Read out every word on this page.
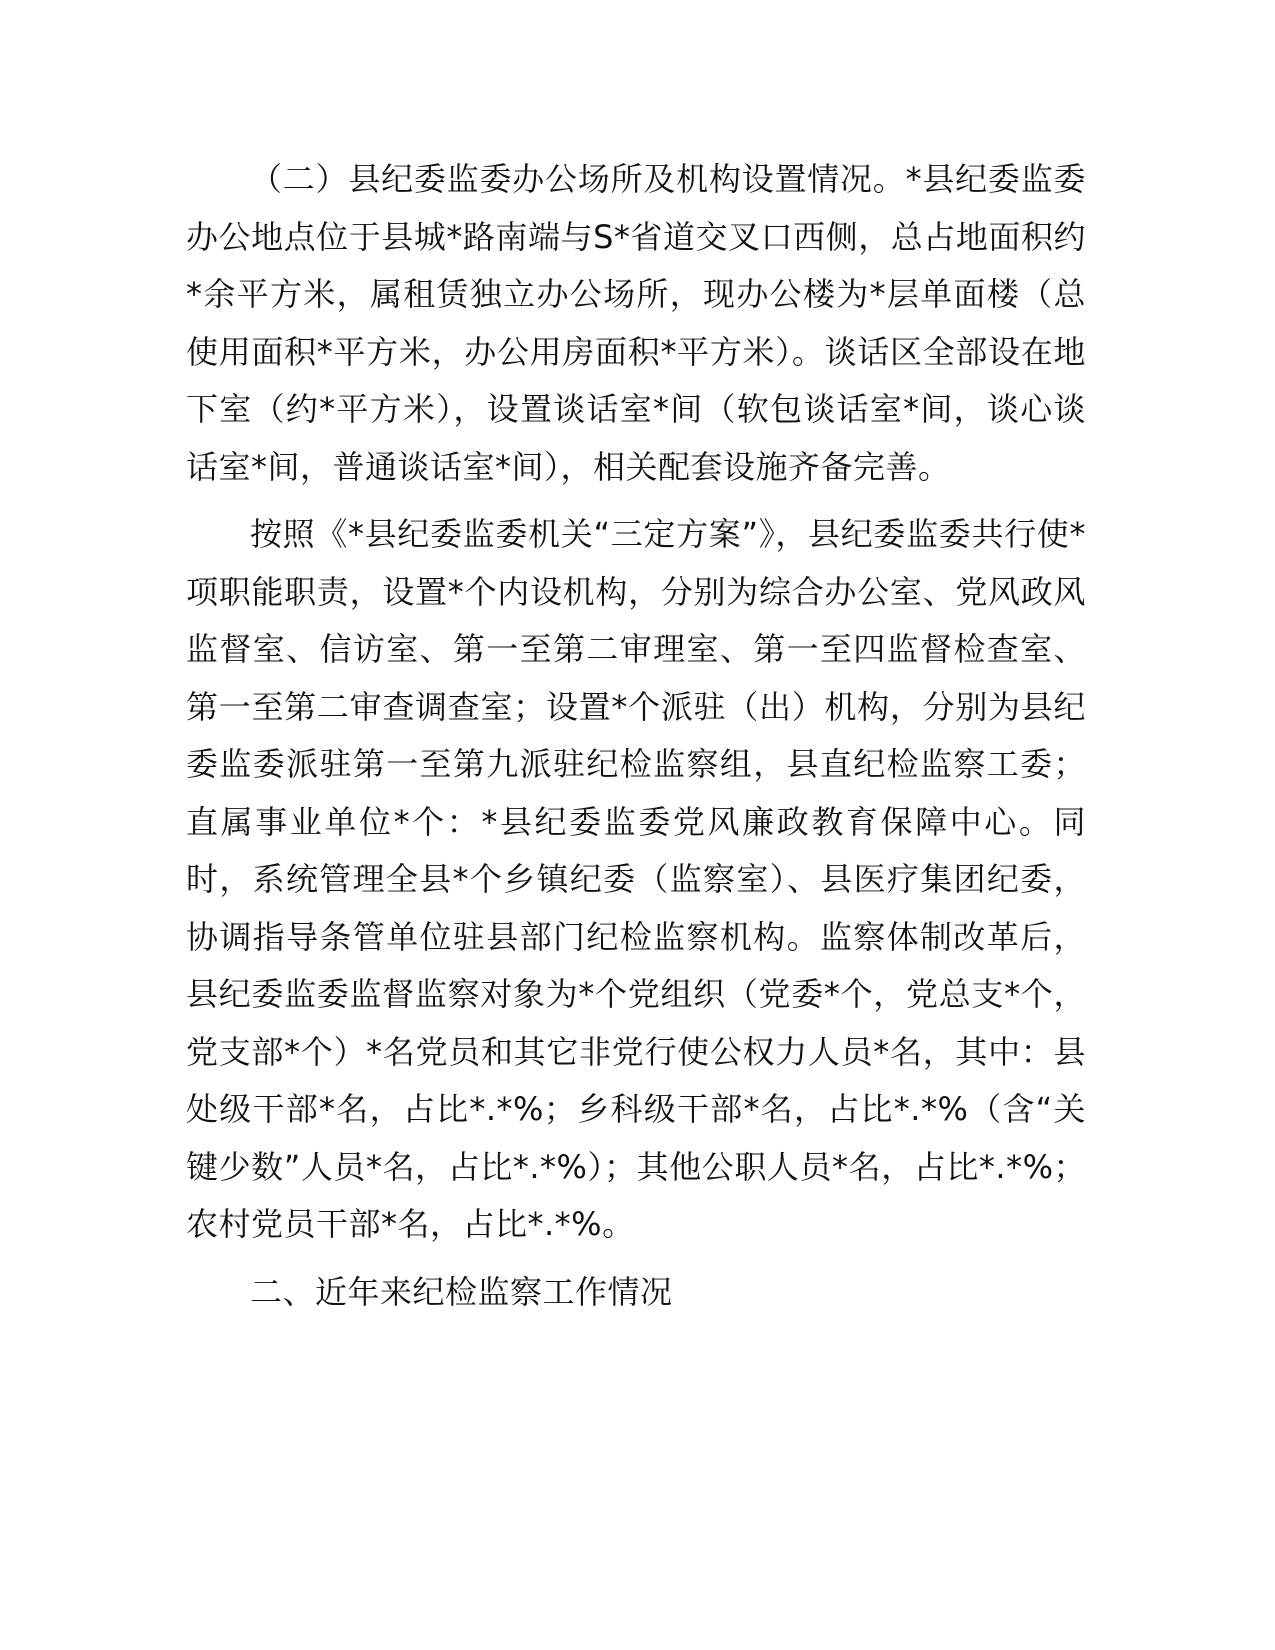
（二）县纪委监委办公场所及机构设置情况。*县纪委监委办公地点位于县城*路南端与S*省道交叉口西侧，总占地面积约*余平方米，属租赁独立办公场所，现办公楼为*层单面楼（总使用面积*平方米，办公用房面积*平方米）。谈话区全部设在地下室（约*平方米），设置谈话室*间（软包谈话室*间，谈心谈话室*间，普通谈话室*间），相关配套设施齐备完善。

按照《*县纪委监委机关“三定方案”》，县纪委监委共行使*项职能职责，设置*个内设机构，分别为综合办公室、党风政风监督室、信访室、第一至第二审理室、第一至四监督检查室、第一至第二审查调查室；设置*个派驻（出）机构，分别为县纪委监委派驻第一至第九派驻纪检监察组，县直纪检监察工委；直属事业单位*个：*县纪委监委党风廉政教育保障中心。同时，系统管理全县*个乡镇纪委（监察室）、县医疗集团纪委，协调指导条管单位驻县部门纪检监察机构。监察体制改革后，县纪委监委监督监察对象为*个党组织（党委*个，党总支*个，党支部*个）*名党员和其它非党行使公权力人员*名，其中：县处级干部*名，占比*.*%；乡科级干部*名，占比*.*%（含“关键少数”人员*名，占比*.*%）；其他公职人员*名，占比*.*%；农村党员干部*名，占比*.*%。

二、近年来纪检监察工作情况
